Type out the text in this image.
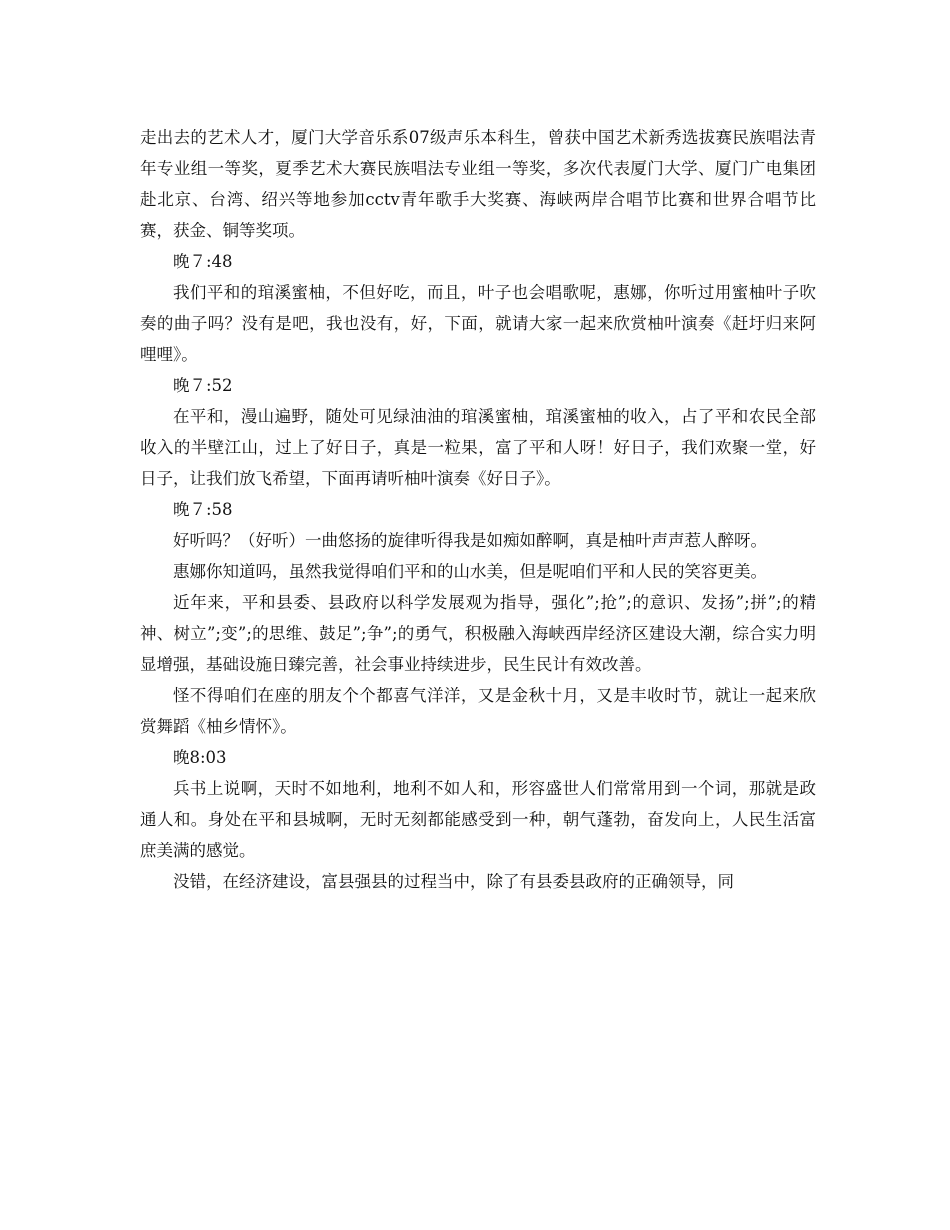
走出去的艺术人才，厦门大学音乐系07级声乐本科生，曾获中国艺术新秀选拔赛民族唱法青年专业组一等奖，夏季艺术大赛民族唱法专业组一等奖，多次代表厦门大学、厦门广电集团赴北京、台湾、绍兴等地参加cctv青年歌手大奖赛、海峡两岸合唱节比赛和世界合唱节比赛，获金、铜等奖项。

晚７:48

我们平和的琯溪蜜柚，不但好吃，而且，叶子也会唱歌呢，惠娜，你听过用蜜柚叶子吹奏的曲子吗？没有是吧，我也没有，好，下面，就请大家一起来欣赏柚叶演奏《赶圩归来阿哩哩》。

晚７:52

在平和，漫山遍野，随处可见绿油油的琯溪蜜柚，琯溪蜜柚的收入，占了平和农民全部收入的半壁江山，过上了好日子，真是一粒果，富了平和人呀！好日子，我们欢聚一堂，好日子，让我们放飞希望，下面再请听柚叶演奏《好日子》。

晚７:58

好听吗？（好听）一曲悠扬的旋律听得我是如痴如醉啊，真是柚叶声声惹人醉呀。

惠娜你知道吗，虽然我觉得咱们平和的山水美，但是呢咱们平和人民的笑容更美。

近年来，平和县委、县政府以科学发展观为指导，强化”;抢”;的意识、发扬”;拼”;的精神、树立”;变”;的思维、鼓足”;争”;的勇气，积极融入海峡西岸经济区建设大潮，综合实力明显增强，基础设施日臻完善，社会事业持续进步，民生民计有效改善。

怪不得咱们在座的朋友个个都喜气洋洋，又是金秋十月，又是丰收时节，就让一起来欣赏舞蹈《柚乡情怀》。

晚8:03

兵书上说啊，天时不如地利，地利不如人和，形容盛世人们常常用到一个词，那就是政通人和。身处在平和县城啊，无时无刻都能感受到一种，朝气蓬勃，奋发向上，人民生活富庶美满的感觉。

没错，在经济建设，富县强县的过程当中，除了有县委县政府的正确领导，同
